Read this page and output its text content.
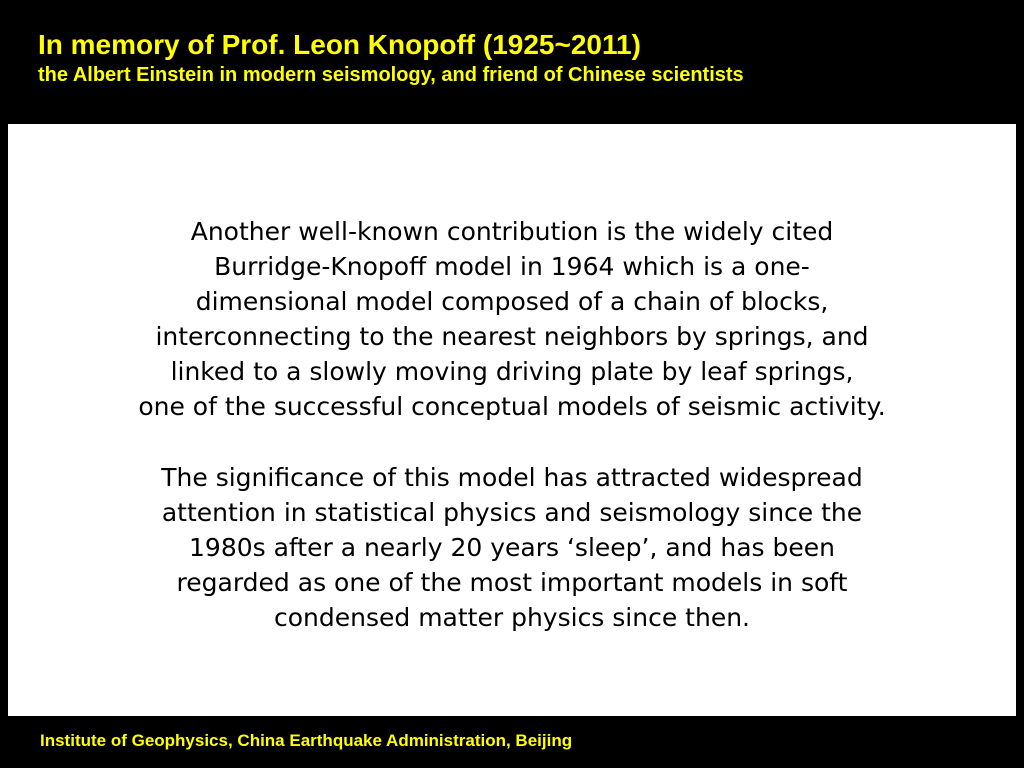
In memory of Prof. Leon Knopoff (1925~2011)
the Albert Einstein in modern seismology, and friend of Chinese scientists
Another well-known contribution is the widely cited
Burridge-Knopoff model in 1964 which is a one-
dimensional model composed of a chain of blocks,
interconnecting to the nearest neighbors by springs, and
linked to a slowly moving driving plate by leaf springs,
one of the successful conceptual models of seismic activity.
The significance of this model has attracted widespread
attention in statistical physics and seismology since the
1980s after a nearly 20 years ‘sleep’, and has been
regarded as one of the most important models in soft
condensed matter physics since then.
Institute of Geophysics, China Earthquake Administration, Beijing
